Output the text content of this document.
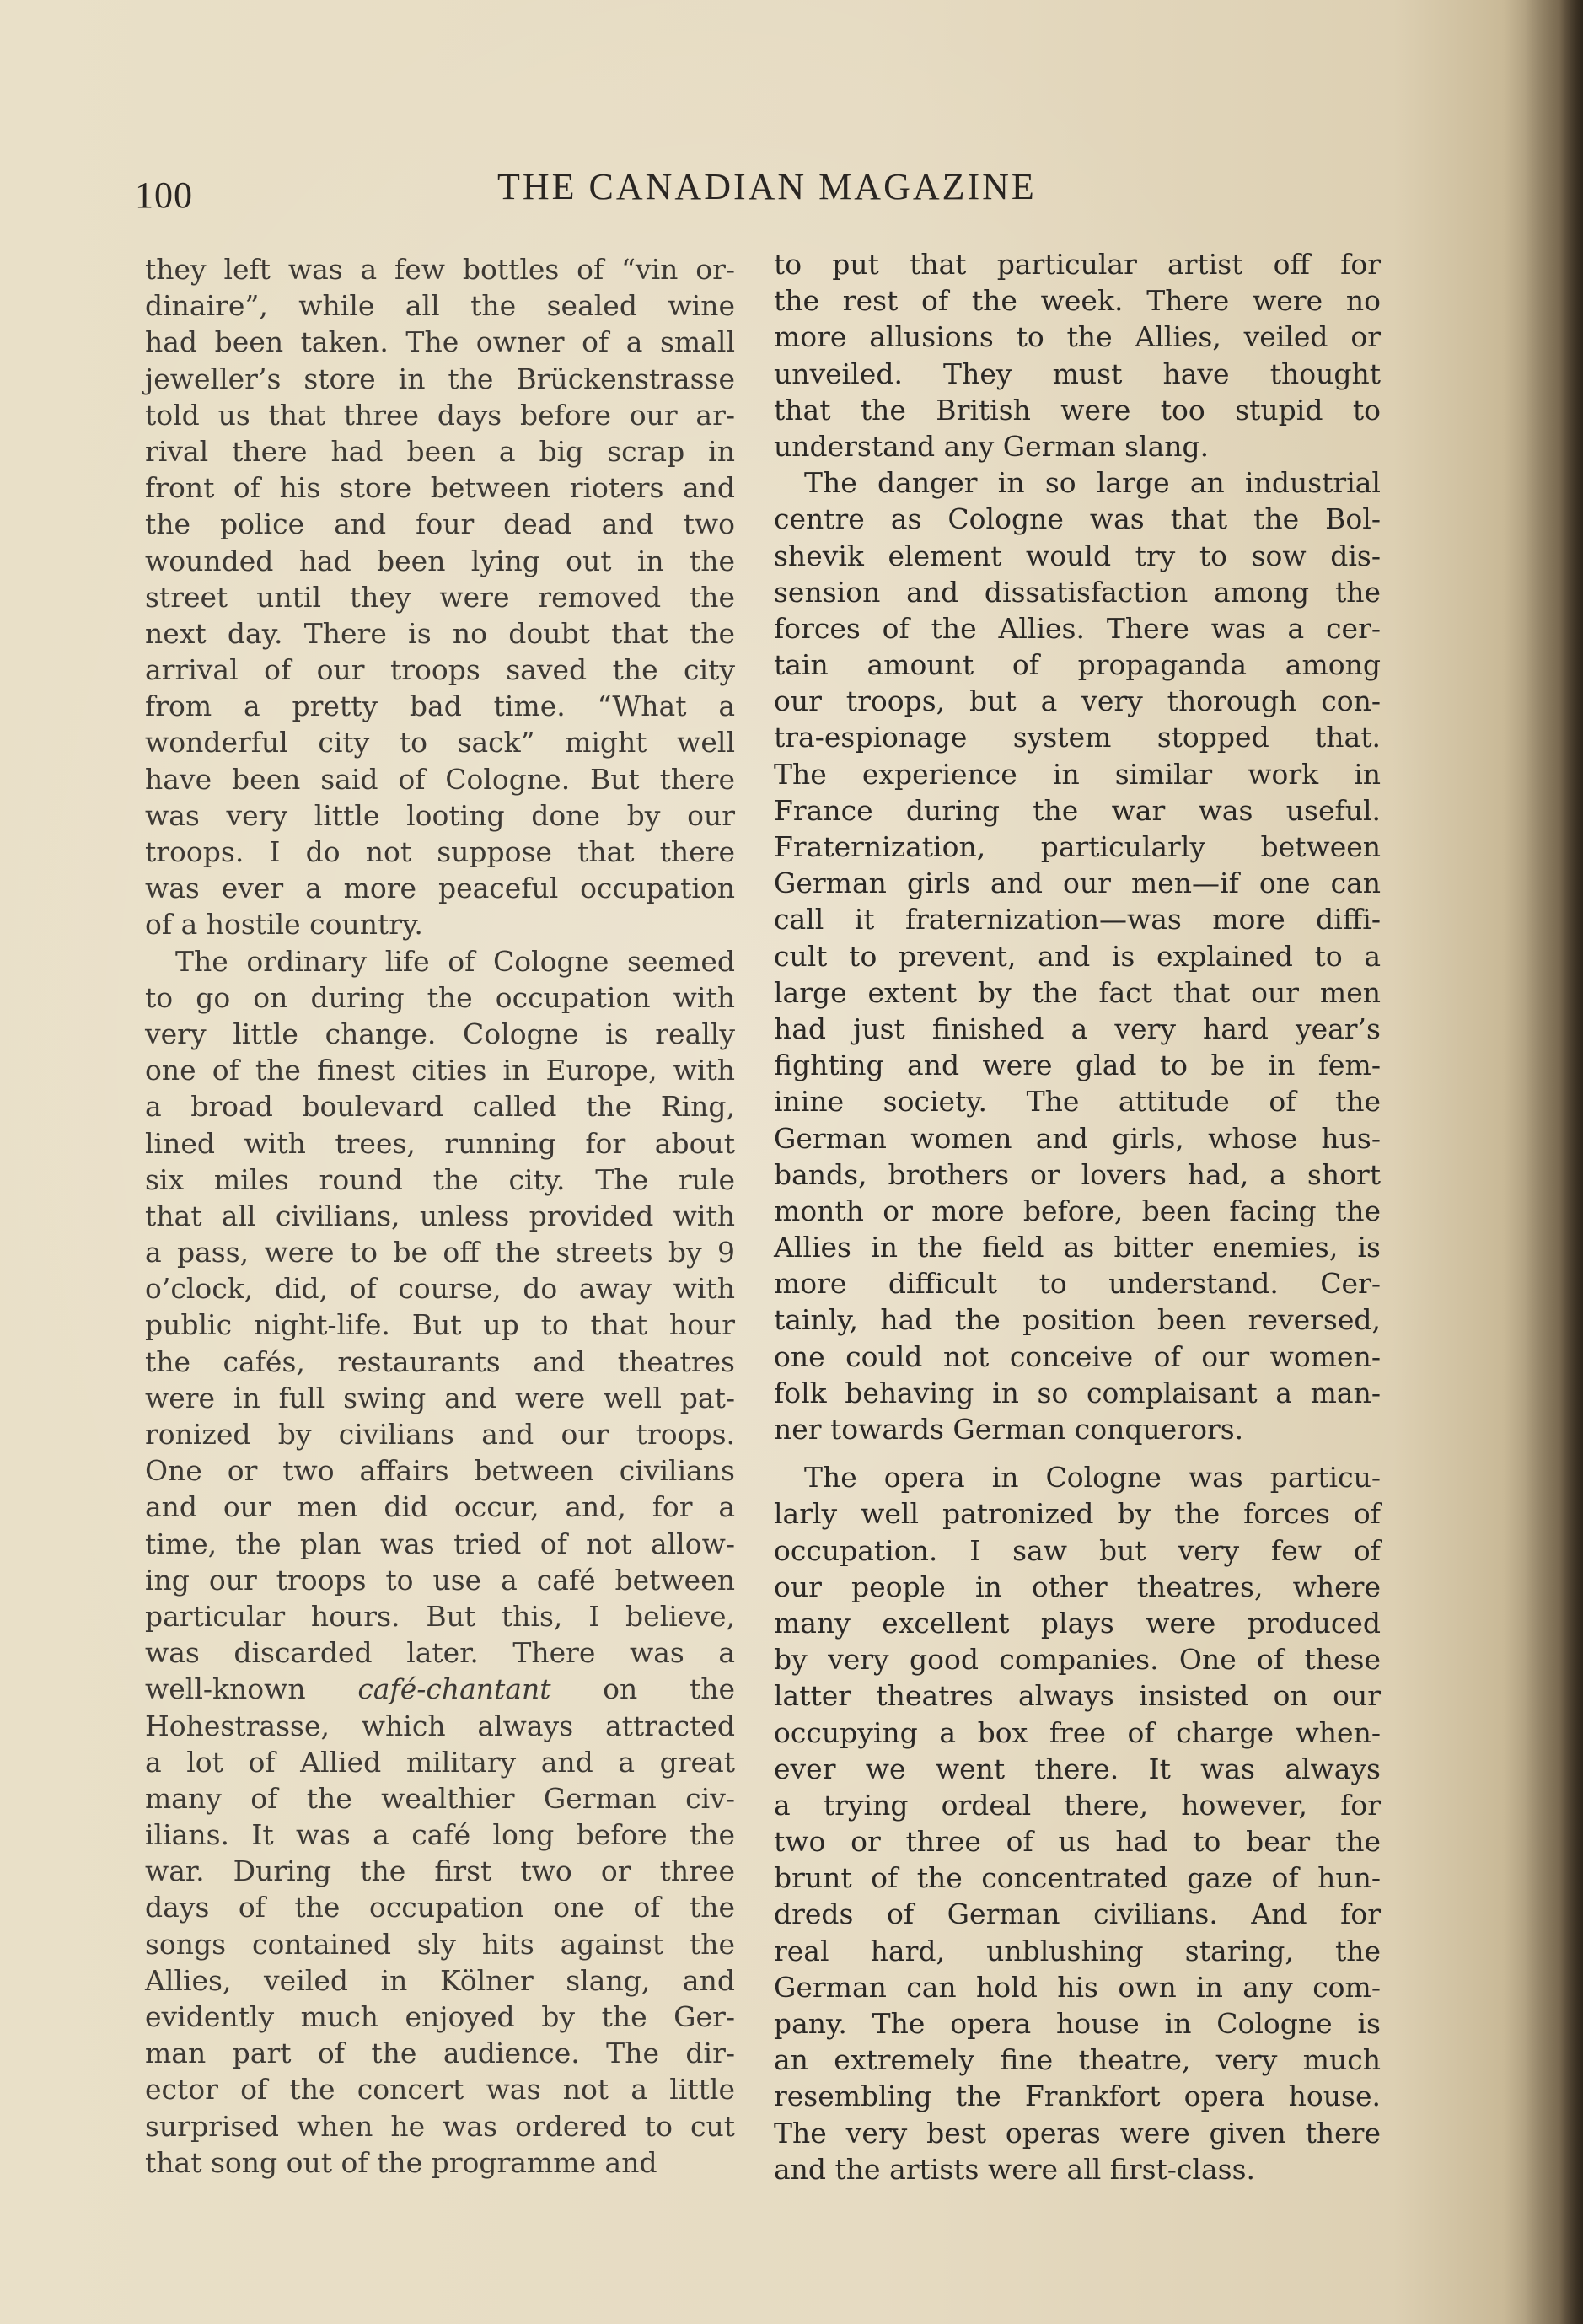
100	THE CANADIAN MAGAZINE
they left was a few bottles of “vin or-
dinaire”, while all the sealed wine
had been taken. The owner of a small
jeweller’s store in the Brückenstrasse
told us that three days before our ar-
rival there had been a big scrap in
front of his store between rioters and
the police and four dead and two
wounded had been lying out in the
street until they were removed the
next day. There is no doubt that the
arrival of our troops saved the city
from a pretty bad time. “What a
wonderful city to sack” might well
have been said of Cologne. But there
was very little looting done by our
troops. I do not suppose that there
was ever a more peaceful occupation
of a hostile country.
The ordinary life of Cologne seemed
to go on during the occupation with
very little change. Cologne is really
one of the finest cities in Europe, with
a broad boulevard called the Ring,
lined with trees, running for about
six miles round the city. The rule
that all civilians, unless provided with
a pass, were to be off the streets by 9
o’clock, did, of course, do away with
public night-life. But up to that hour
the cafés, restaurants and theatres
were in full swing and were well pat-
ronized by civilians and our troops.
One or two affairs between civilians
and our men did occur, and, for a
time, the plan was tried of not allow-
ing our troops to use a café between
particular hours. But this, I believe,
was discarded later. There was a
well-known café-chantant on the
Hohestrasse, which always attracted
a lot of Allied military and a great
many of the wealthier German civ-
ilians. It was a café long before the
war. During the first two or three
days of the occupation one of the
songs contained sly hits against the
Allies, veiled in Kölner slang, and
evidently much enjoyed by the Ger-
man part of the audience. The dir-
ector of the concert was not a little
surprised when he was ordered to cut
that song out of the programme and
to put that particular artist off for
the rest of the week. There were no
more allusions to the Allies, veiled or
unveiled. They must have thought
that the British were too stupid to
understand any German slang.
The danger in so large an industrial
centre as Cologne was that the Bol-
shevik element would try to sow dis-
sension and dissatisfaction among the
forces of the Allies. There was a cer-
tain amount of propaganda among
our troops, but a very thorough con-
tra-espionage system stopped that.
The experience in similar work in
France during the war was useful.
Fraternization, particularly between
German girls and our men—if one can
call it fraternization—was more diffi-
cult to prevent, and is explained to a
large extent by the fact that our men
had just finished a very hard year’s
fighting and were glad to be in fem-
inine society. The attitude of the
German women and girls, whose hus-
bands, brothers or lovers had, a short
month or more before, been facing the
Allies in the field as bitter enemies, is
more difficult to understand. Cer-
tainly, had the position been reversed,
one could not conceive of our women-
folk behaving in so complaisant a man-
ner towards German conquerors.
The opera in Cologne was particu-
larly well patronized by the forces of
occupation. I saw but very few of
our people in other theatres, where
many excellent plays were produced
by very good companies. One of these
latter theatres always insisted on our
occupying a box free of charge when-
ever we went there. It was always
a trying ordeal there, however, for
two or three of us had to bear the
brunt of the concentrated gaze of hun-
dreds of German civilians. And for
real hard, unblushing staring, the
German can hold his own in any com-
pany. The opera house in Cologne is
an extremely fine theatre, very much
resembling the Frankfort opera house.
The very best operas were given there
and the artists were all first-class.
